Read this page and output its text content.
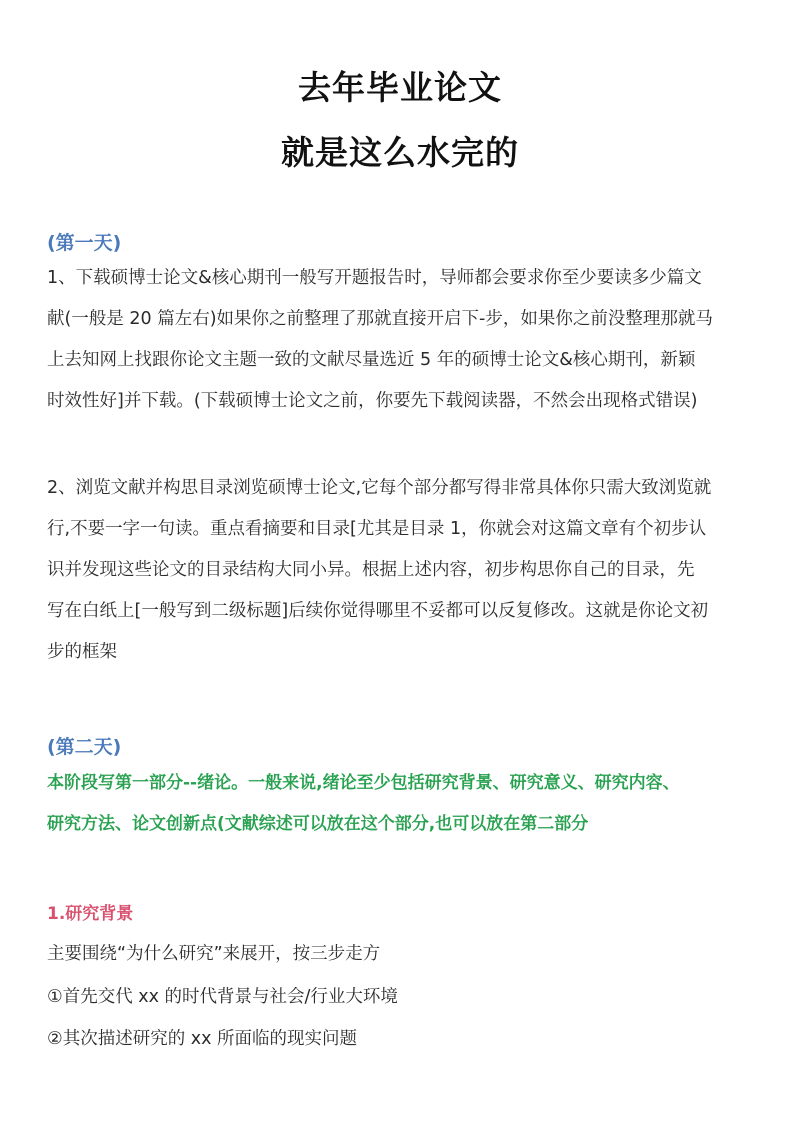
去年毕业论文
就是这么水完的
(第一天)
1、下载硕博士论文&核心期刊一般写开题报告时，导师都会要求你至少要读多少篇文
献(一般是 20 篇左右)如果你之前整理了那就直接开启下-步，如果你之前没整理那就马
上去知网上找跟你论文主题一致的文献尽量选近 5 年的硕博士论文&核心期刊，新颖
时效性好]并下载。(下载硕博士论文之前，你要先下载阅读器，不然会出现格式错误)
2、浏览文献并构思目录浏览硕博士论文,它每个部分都写得非常具体你只需大致浏览就
行,不要一字一句读。重点看摘要和目录[尤其是目录 1，你就会对这篇文章有个初步认
识并发现这些论文的目录结构大同小异。根据上述内容，初步构思你自己的目录，先
写在白纸上[一般写到二级标题]后续你觉得哪里不妥都可以反复修改。这就是你论文初
步的框架
(第二天)
本阶段写第一部分--绪论。一般来说,绪论至少包括研究背景、研究意义、研究内容、
研究方法、论文创新点(文献综述可以放在这个部分,也可以放在第二部分
1.研究背景
主要围绕“为什么研究”来展开，按三步走方
①首先交代 xx 的时代背景与社会/行业大环境
②其次描述研究的 xx 所面临的现实问题
